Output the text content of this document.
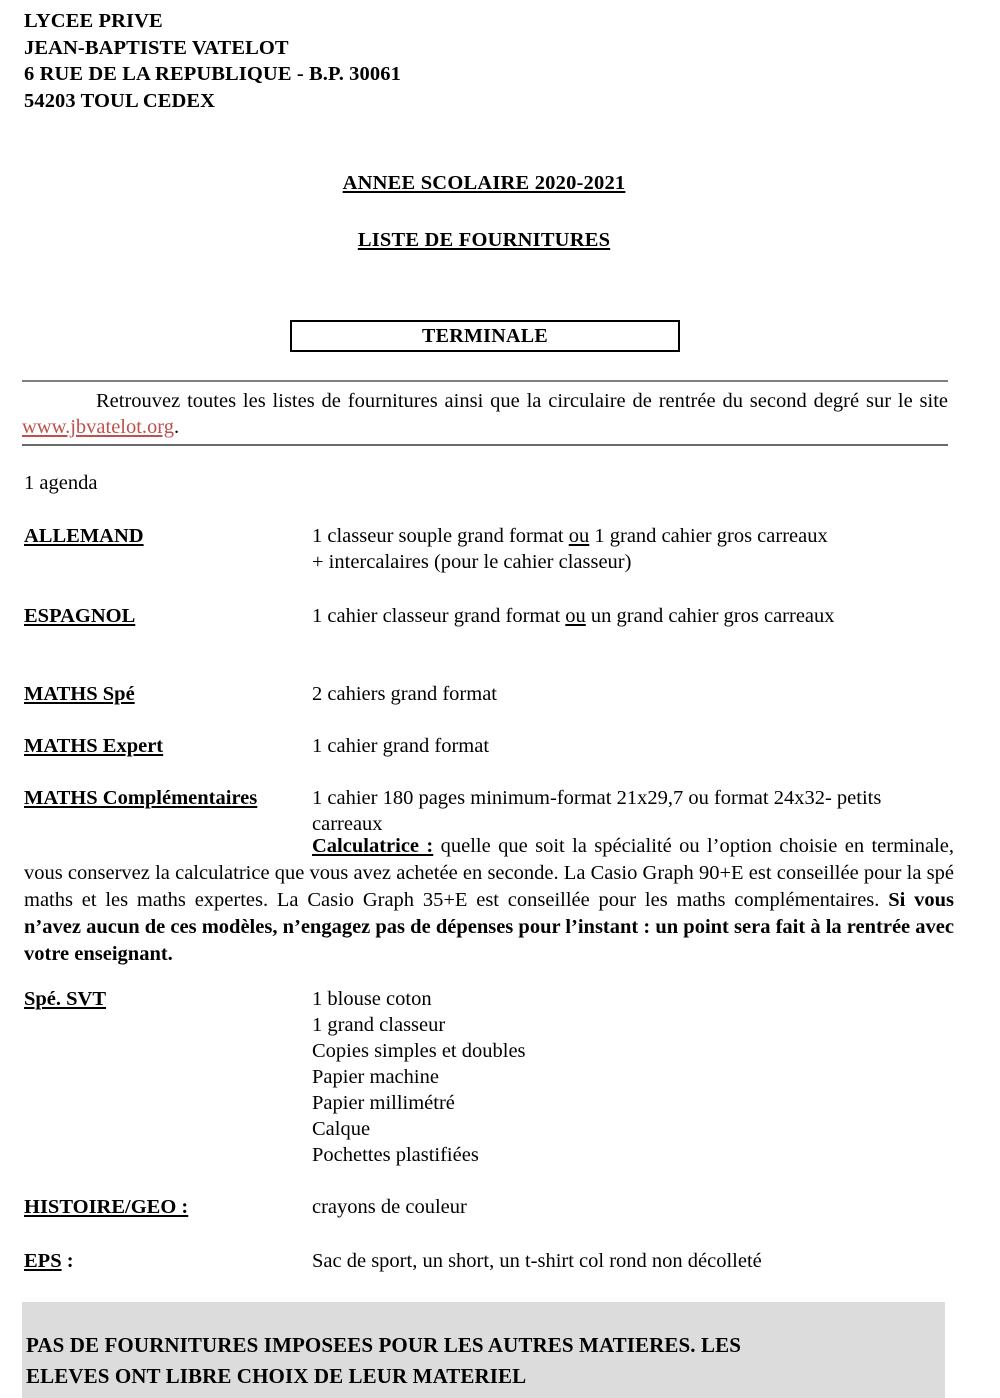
LYCEE PRIVE
JEAN-BAPTISTE VATELOT
6 RUE DE LA REPUBLIQUE - B.P. 30061
54203 TOUL CEDEX
ANNEE SCOLAIRE 2020-2021
LISTE DE FOURNITURES
TERMINALE

Retrouvez toutes les listes de fournitures ainsi que la circulaire de rentrée du second degré sur le site www.jbvatelot.org.

1 agenda
ALLEMAND	1 classeur souple grand format ou 1 grand cahier gros carreaux
+ intercalaires (pour le cahier classeur)
ESPAGNOL	1 cahier classeur grand format ou un grand cahier gros carreaux
MATHS Spé	2 cahiers grand format
MATHS Expert	1 cahier grand format
MATHS Complémentaires	1 cahier 180 pages minimum-format 21x29,7 ou format 24x32- petits carreaux
Calculatrice : quelle que soit la spécialité ou l’option choisie en terminale, vous conservez la calculatrice que vous avez achetée en seconde. La Casio Graph 90+E est conseillée pour la spé maths et les maths expertes. La Casio Graph 35+E est conseillée pour les maths complémentaires. Si vous n’avez aucun de ces modèles, n’engagez pas de dépenses pour l’instant : un point sera fait à la rentrée avec votre enseignant.
Spé. SVT	1 blouse coton
1 grand classeur
Copies simples et doubles
Papier machine
Papier millimétré
Calque
Pochettes plastifiées
HISTOIRE/GEO :	crayons de couleur
EPS :	Sac de sport, un short, un t-shirt col rond non décolleté
PAS DE FOURNITURES IMPOSEES POUR LES AUTRES MATIERES. LES
ELEVES ONT LIBRE CHOIX DE LEUR MATERIEL
